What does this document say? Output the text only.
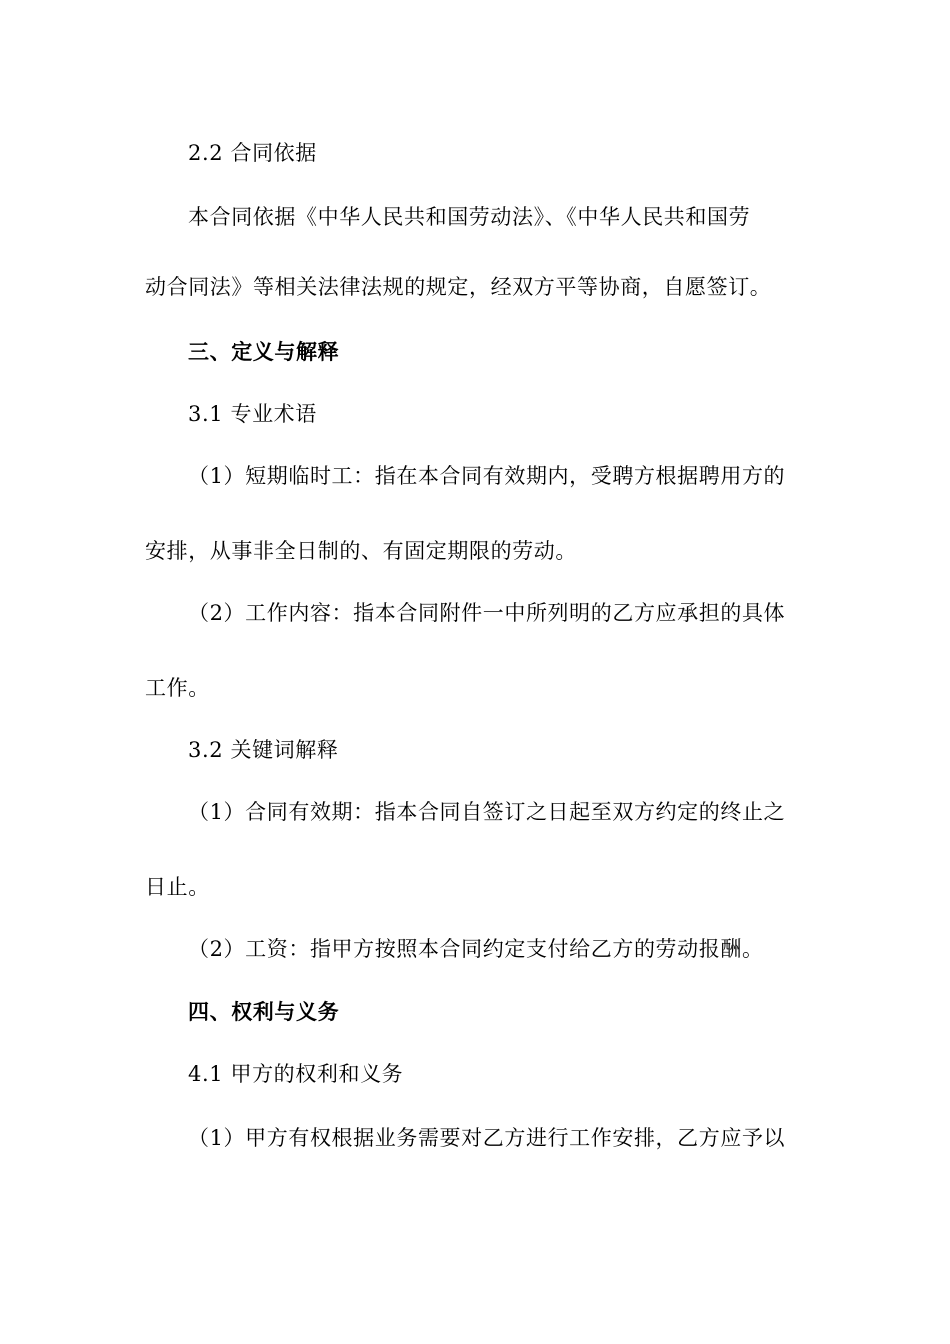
2.2 合同依据
本合同依据《中华人民共和国劳动法》、《中华人民共和国劳
动合同法》等相关法律法规的规定，经双方平等协商，自愿签订。
三、定义与解释
3.1 专业术语
（1）短期临时工：指在本合同有效期内，受聘方根据聘用方的
安排，从事非全日制的、有固定期限的劳动。
（2）工作内容：指本合同附件一中所列明的乙方应承担的具体
工作。
3.2 关键词解释
（1）合同有效期：指本合同自签订之日起至双方约定的终止之
日止。
（2）工资：指甲方按照本合同约定支付给乙方的劳动报酬。
四、权利与义务
4.1 甲方的权利和义务
（1）甲方有权根据业务需要对乙方进行工作安排，乙方应予以
